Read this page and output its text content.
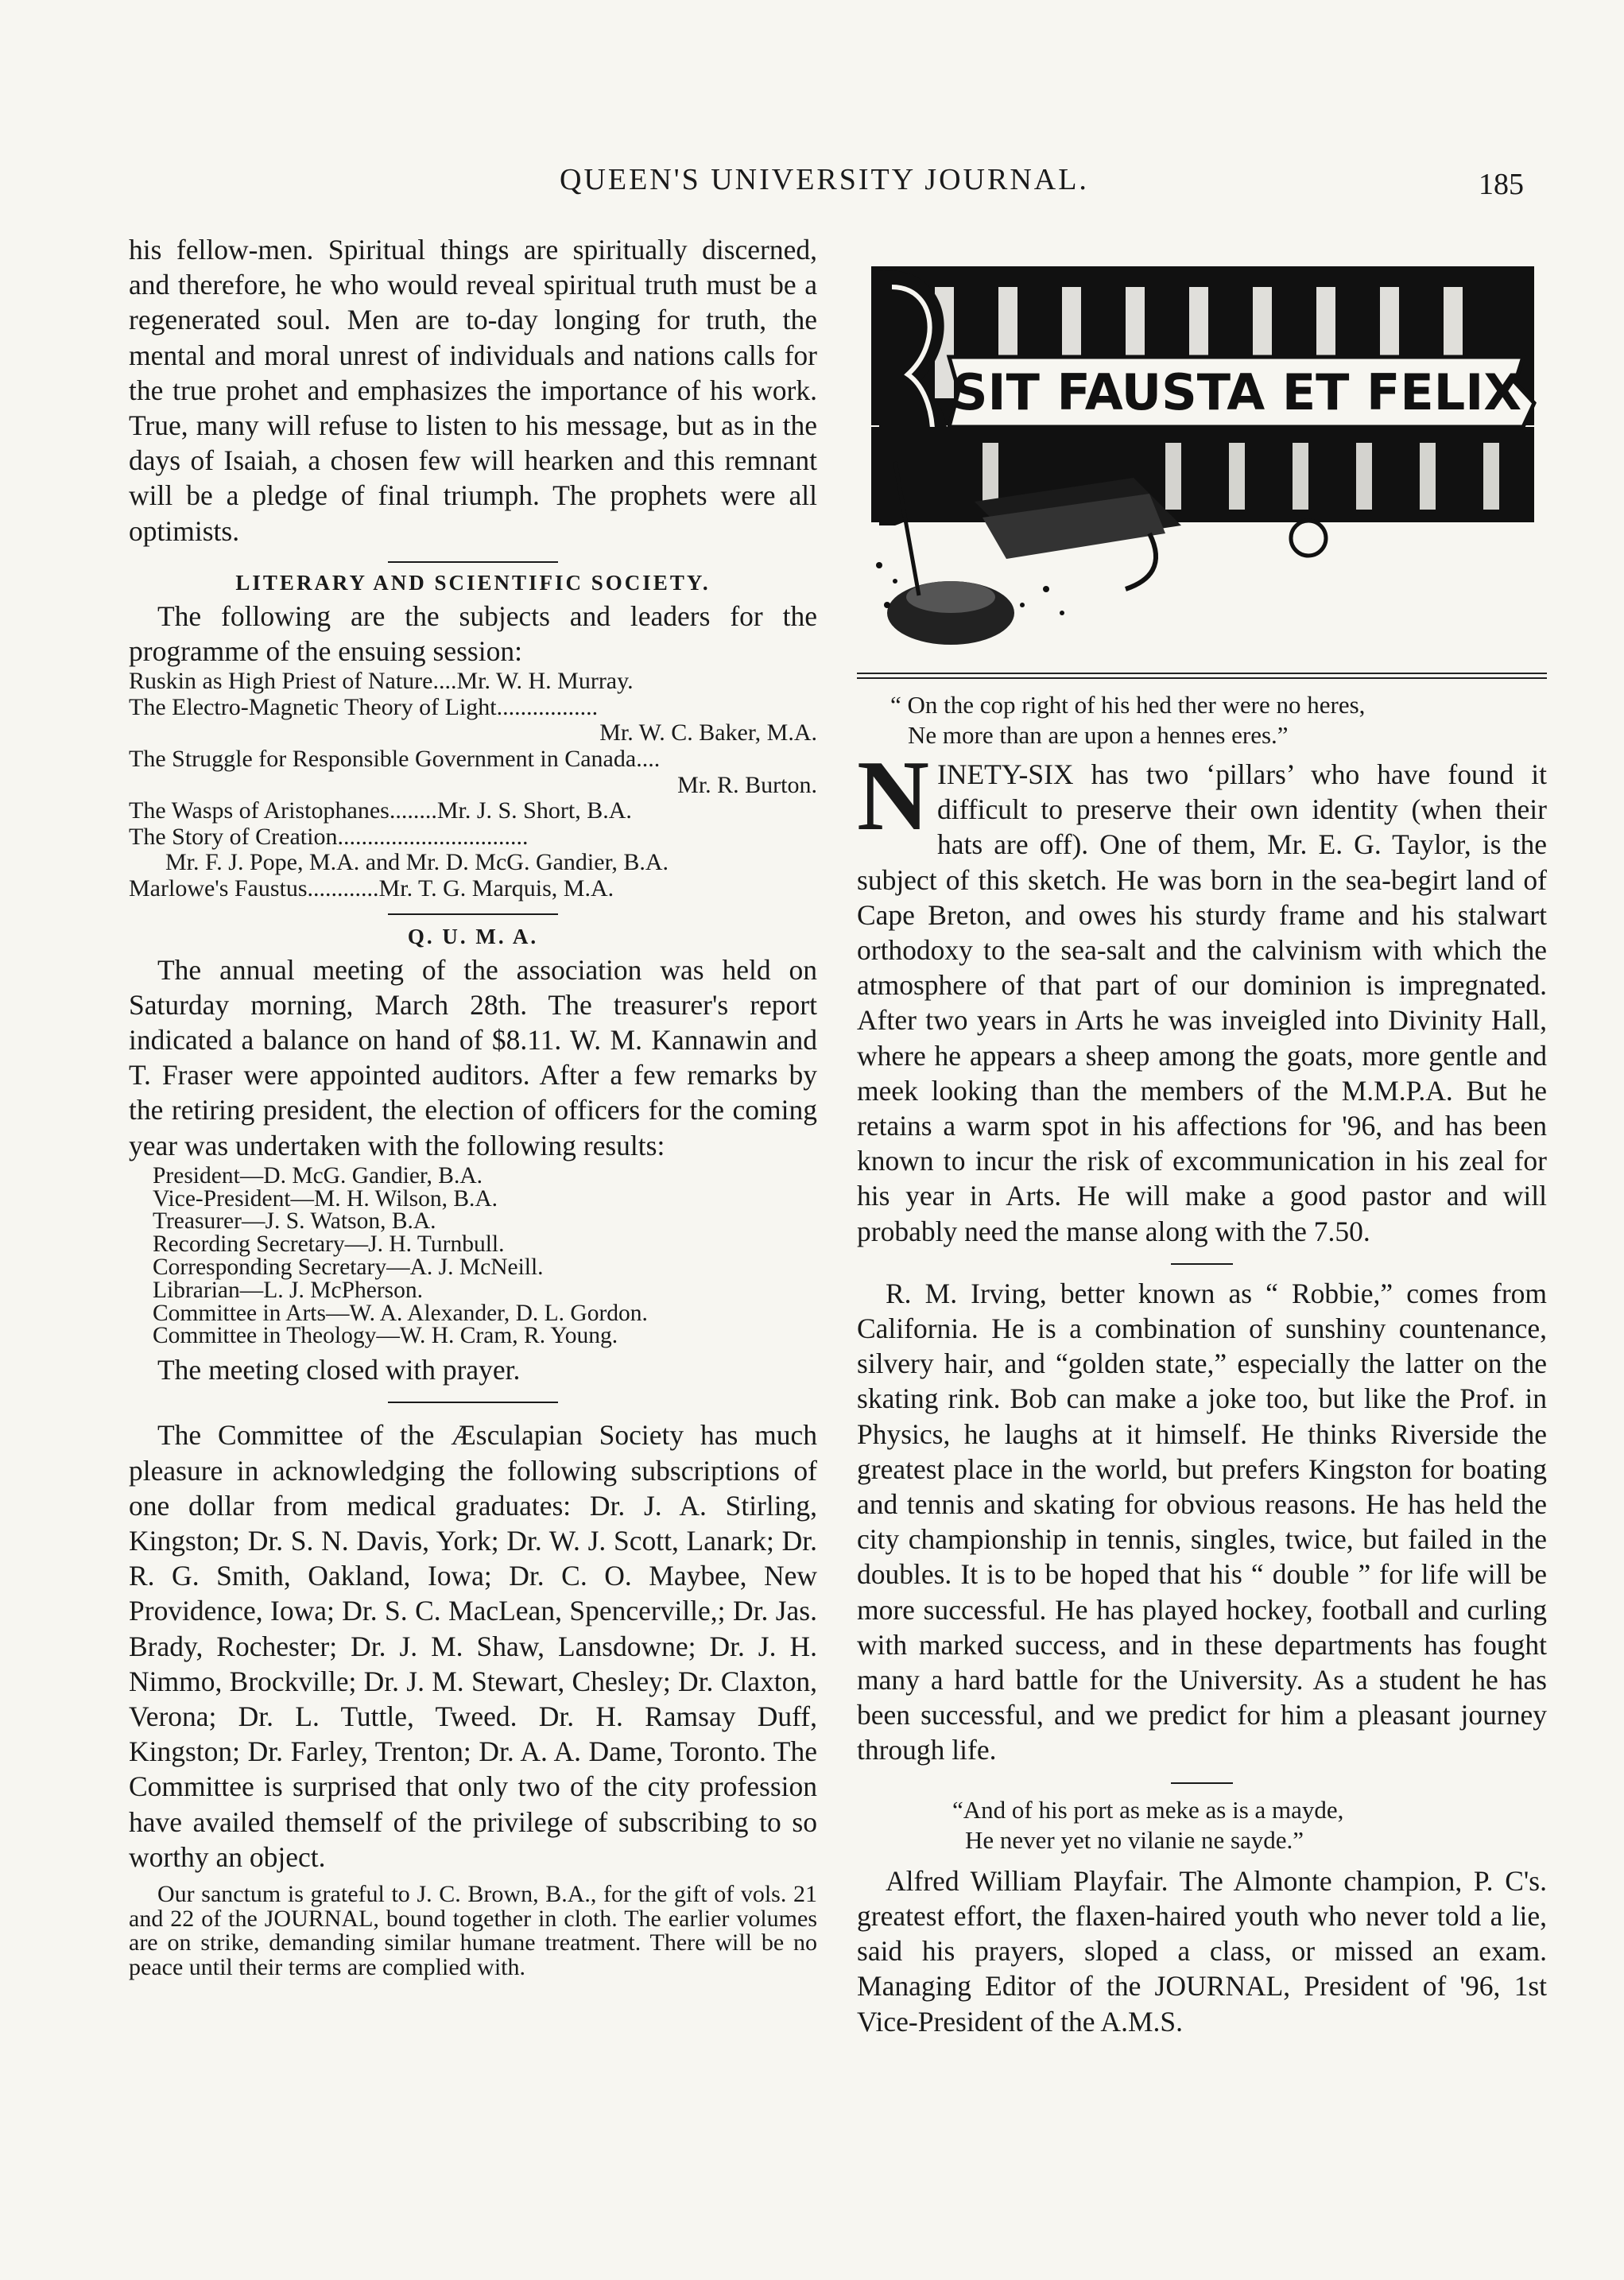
QUEEN'S UNIVERSITY JOURNAL.	185

his fellow-men. Spiritual things are spiritually discerned, and therefore, he who would reveal spiritual truth must be a regenerated soul. Men are to-day longing for truth, the mental and moral unrest of individuals and nations calls for the true prohet and emphasizes the importance of his work. True, many will refuse to listen to his message, but as in the days of Isaiah, a chosen few will hearken and this remnant will be a pledge of final triumph. The prophets were all optimists.

LITERARY AND SCIENTIFIC SOCIETY.

The following are the subjects and leaders for the programme of the ensuing session:

Ruskin as High Priest of Nature....Mr. W. H. Murray.
The Electro-Magnetic Theory of Light.................
Mr. W. C. Baker, M.A.
The Struggle for Responsible Government in Canada....
Mr. R. Burton.
The Wasps of Aristophanes........Mr. J. S. Short, B.A.
The Story of Creation................................
Mr. F. J. Pope, M.A. and Mr. D. McG. Gandier, B.A.
Marlowe's Faustus............Mr. T. G. Marquis, M.A.

Q. U. M. A.

The annual meeting of the association was held on Saturday morning, March 28th. The treasurer's report indicated a balance on hand of $8.11. W. M. Kannawin and T. Fraser were appointed auditors. After a few remarks by the retiring president, the election of officers for the coming year was undertaken with the following results:

President—D. McG. Gandier, B.A.
Vice-President—M. H. Wilson, B.A.
Treasurer—J. S. Watson, B.A.
Recording Secretary—J. H. Turnbull.
Corresponding Secretary—A. J. McNeill.
Librarian—L. J. McPherson.
Committee in Arts—W. A. Alexander, D. L. Gordon.
Committee in Theology—W. H. Cram, R. Young.

The meeting closed with prayer.

The Committee of the Æsculapian Society has much pleasure in acknowledging the following subscriptions of one dollar from medical graduates: Dr. J. A. Stirling, Kingston; Dr. S. N. Davis, York; Dr. W. J. Scott, Lanark; Dr. R. G. Smith, Oakland, Iowa; Dr. C. O. Maybee, New Providence, Iowa; Dr. S. C. MacLean, Spencerville,; Dr. Jas. Brady, Rochester; Dr. J. M. Shaw, Lansdowne; Dr. J. H. Nimmo, Brockville; Dr. J. M. Stewart, Chesley; Dr. Claxton, Verona; Dr. L. Tuttle, Tweed. Dr. H. Ramsay Duff, Kingston; Dr. Farley, Trenton; Dr. A. A. Dame, Toronto. The Committee is surprised that only two of the city profession have availed themself of the privilege of subscribing to so worthy an object.

Our sanctum is grateful to J. C. Brown, B.A., for the gift of vols. 21 and 22 of the JOURNAL, bound together in cloth. The earlier volumes are on strike, demanding similar humane treatment. There will be no peace until their terms are complied with.

SIT FAUSTA ET FELIX

“ On the cop right of his hed ther were no heres,

Ne more than are upon a hennes eres.”

NINETY-SIX has two ‘pillars’ who have found it difficult to preserve their own identity (when their hats are off). One of them, Mr. E. G. Taylor, is the subject of this sketch. He was born in the sea-begirt land of Cape Breton, and owes his sturdy frame and his stalwart orthodoxy to the sea-salt and the calvinism with which the atmosphere of that part of our dominion is impregnated. After two years in Arts he was inveigled into Divinity Hall, where he appears a sheep among the goats, more gentle and meek looking than the members of the M.M.P.A. But he retains a warm spot in his affections for '96, and has been known to incur the risk of excommunication in his zeal for his year in Arts. He will make a good pastor and will probably need the manse along with the 7.50.

R. M. Irving, better known as “ Robbie,” comes from California. He is a combination of sunshiny countenance, silvery hair, and “golden state,” especially the latter on the skating rink. Bob can make a joke too, but like the Prof. in Physics, he laughs at it himself. He thinks Riverside the greatest place in the world, but prefers Kingston for boating and tennis and skating for obvious reasons. He has held the city championship in tennis, singles, twice, but failed in the doubles. It is to be hoped that his “ double ” for life will be more successful. He has played hockey, football and curling with marked success, and in these departments has fought many a hard battle for the University. As a student he has been successful, and we predict for him a pleasant journey through life.

“And of his port as meke as is a mayde,

He never yet no vilanie ne sayde.”

Alfred William Playfair. The Almonte champion, P. C's. greatest effort, the flaxen-haired youth who never told a lie, said his prayers, sloped a class, or missed an exam. Managing Editor of the JOURNAL, President of '96, 1st Vice-President of the A.M.S.
